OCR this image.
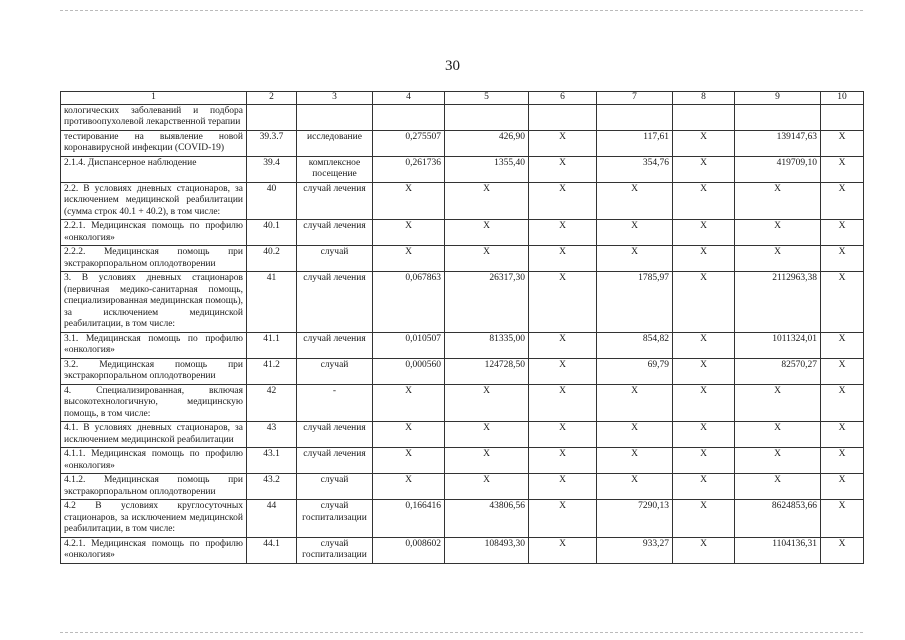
30
1	2	3	4	5	6	7	8	9	10
кологических заболеваний и подбора противоопухолевой лекарственной терапии									
тестирование на выявление новой коронавирусной инфекции (COVID-19)	39.3.7	исследование	0,275507	426,90	Х	117,61	Х	139147,63	Х
2.1.4. Диспансерное наблюдение	39.4	комплексное посещение	0,261736	1355,40	Х	354,76	Х	419709,10	Х
2.2. В условиях дневных стационаров, за исключением медицинской реабилитации (сумма строк 40.1 + 40.2), в том числе:	40	случай лечения	Х	Х	Х	Х	Х	Х	Х
2.2.1. Медицинская помощь по профилю «онкология»	40.1	случай лечения	Х	Х	Х	Х	Х	Х	Х
2.2.2. Медицинская помощь при экстракорпоральном оплодотворении	40.2	случай	Х	Х	Х	Х	Х	Х	Х
3. В условиях дневных стационаров (первичная медико-санитарная помощь, специализированная медицинская помощь), за исключением медицинской реабилитации, в том числе:	41	случай лечения	0,067863	26317,30	Х	1785,97	Х	2112963,38	Х
3.1. Медицинская помощь по профилю «онкология»	41.1	случай лечения	0,010507	81335,00	Х	854,82	Х	1011324,01	Х
3.2. Медицинская помощь при экстракорпоральном оплодотворении	41.2	случай	0,000560	124728,50	Х	69,79	Х	82570,27	Х
4. Специализированная, включая высокотехнологичную, медицинскую помощь, в том числе:	42	-	Х	Х	Х	Х	Х	Х	Х
4.1. В условиях дневных стационаров, за исключением медицинской реабилитации	43	случай лечения	Х	Х	Х	Х	Х	Х	Х
4.1.1. Медицинская помощь по профилю «онкология»	43.1	случай лечения	Х	Х	Х	Х	Х	Х	Х
4.1.2. Медицинская помощь при экстракорпоральном оплодотворении	43.2	случай	Х	Х	Х	Х	Х	Х	Х
4.2 В условиях круглосуточных стационаров, за исключением медицинской реабилитации, в том числе:	44	случай госпитализации	0,166416	43806,56	Х	7290,13	Х	8624853,66	Х
4.2.1. Медицинская помощь по профилю «онкология»	44.1	случай госпитализации	0,008602	108493,30	Х	933,27	Х	1104136,31	Х
